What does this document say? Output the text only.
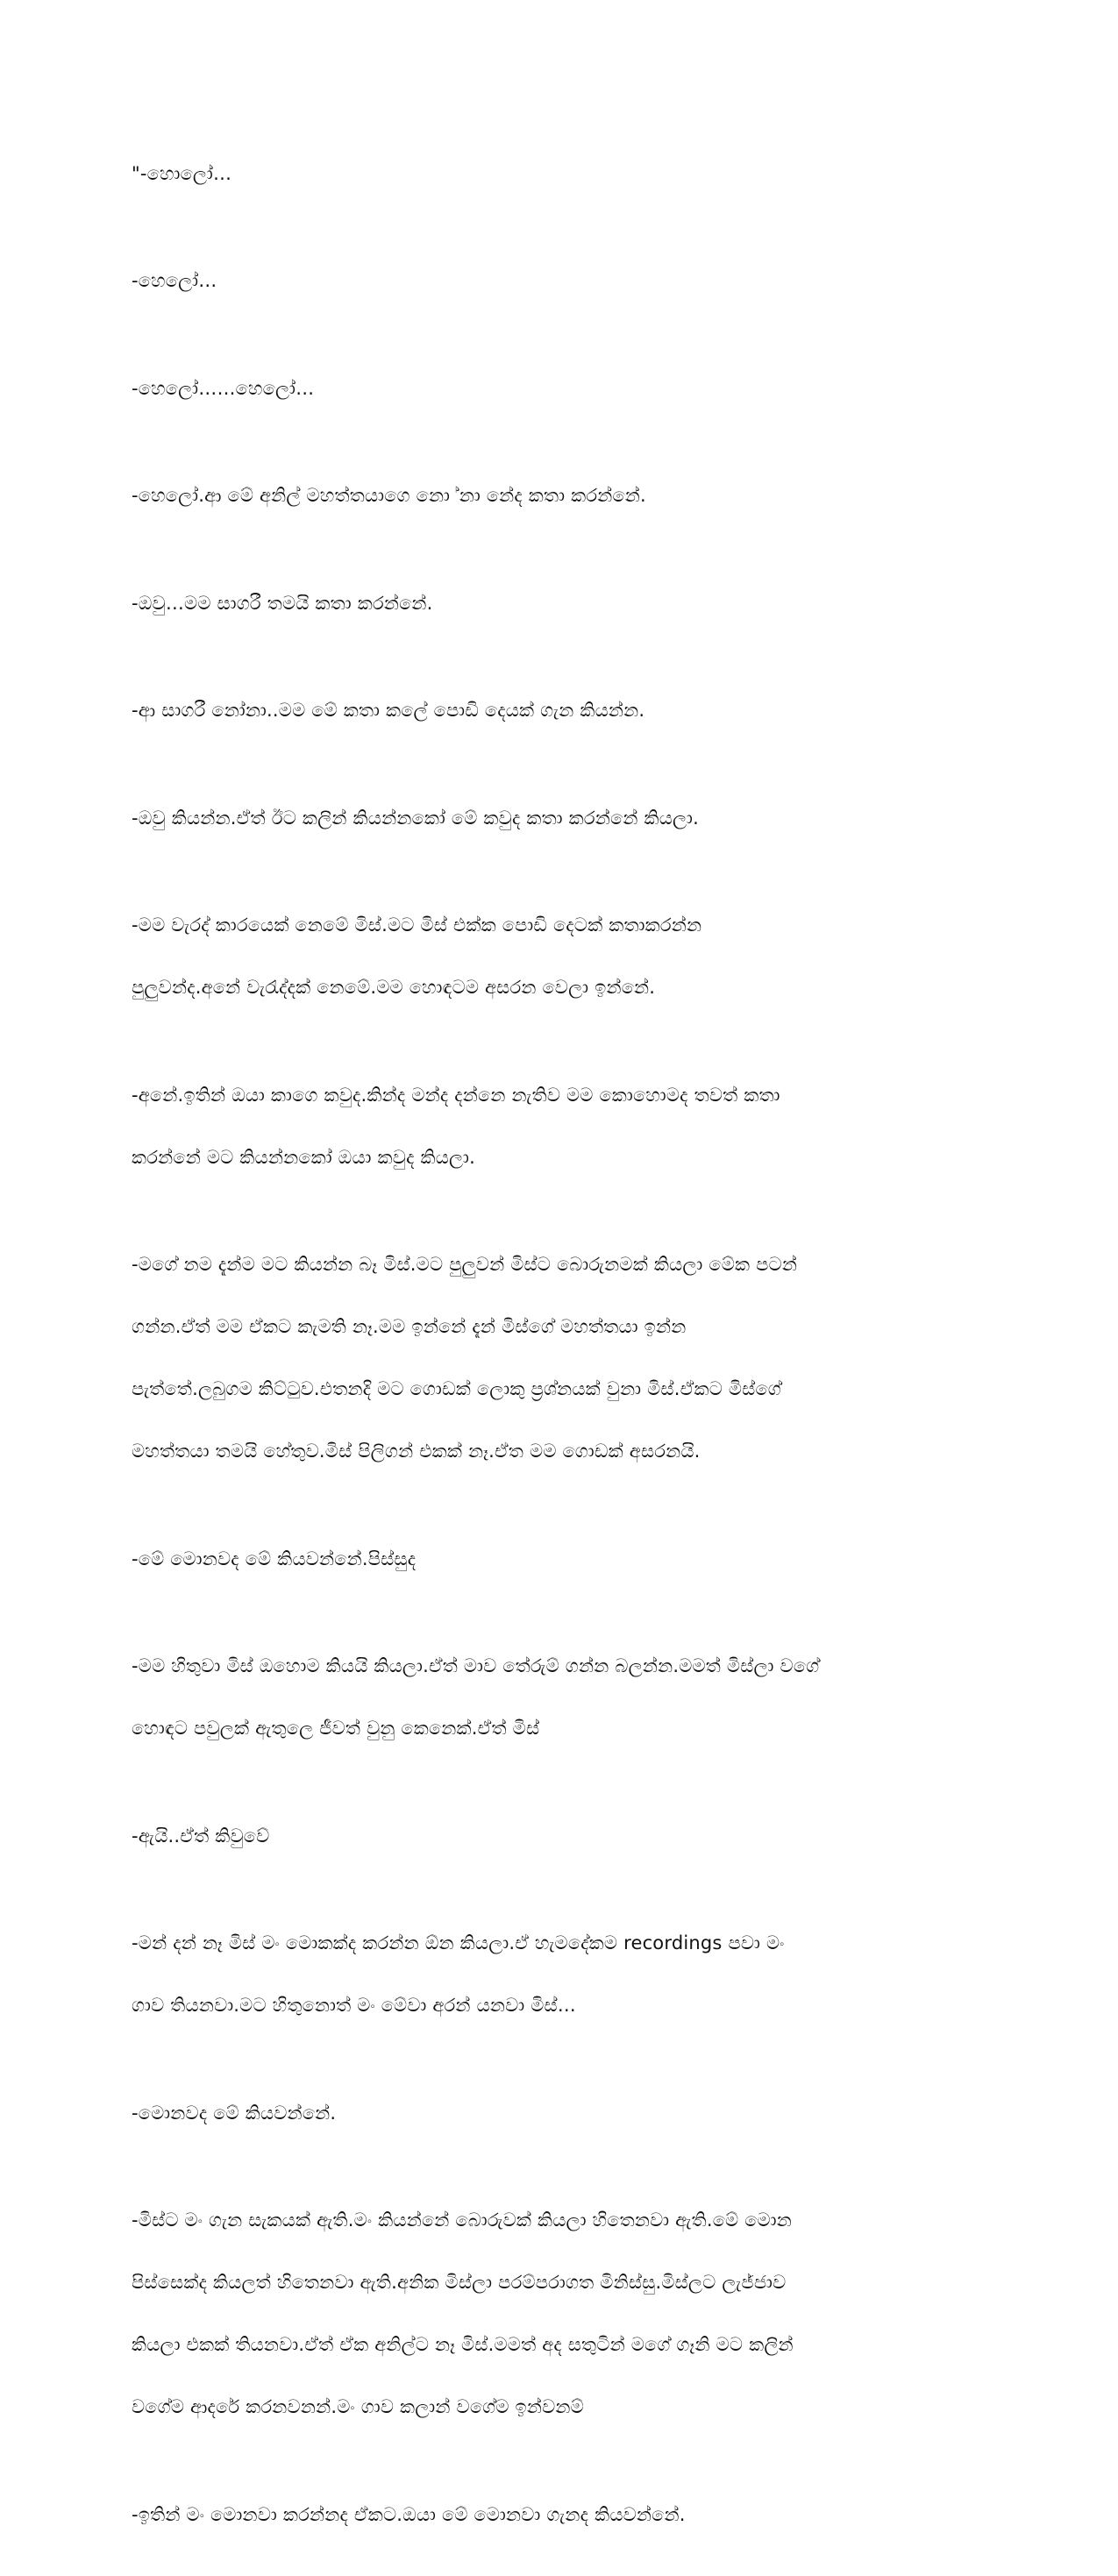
"-හොලෝ…

-හෙලෝ…

-හෙලෝ……හෙලෝ…

-හෙලෝ.ආ මේ අනිල් මහත්තයාගෙ නො ්නා නේද කතා කරන්නේ.

-ඔවු…මම සාගරී තමයි කතා කරන්නේ.

-ආ සාගරී නෝනා..මම මේ කතා කලේ පොඩි දෙයක් ගැන කියන්න.

-ඔවු කියන්න.ඒත් ඊට කලින් කියන්නකෝ මේ කවුද කතා කරන්නේ කියලා.

-මම වැරද් කාරයෙක් නෙමේ මිස්.මට මිස් එක්ක පොඩි දෙටක් කතාකරන්න

පුලුවන්ද.අනේ වැරැද්දක් නෙමේ.මම හොඳටම අසරන වෙලා ඉන්නේ.

-අනේ.ඉතින් ඔයා කාගෙ කවුද.කින්ද මන්ද දන්නෙ නැතිව මම කොහොමද තවත් කතා

කරන්නේ මට කියන්නකෝ ඔයා කවුද කියලා.

-මගේ නම දැන්ම මට කියන්න බෑ මිස්.මට පුලුවන් මිස්ට බොරුනමක් කියලා මේක පටන්

ගන්න.ඒත් මම ඒකට කැමති නෑ.මම ඉන්නේ දැන් මිස්ගේ මහත්තයා ඉන්න

පැත්තේ.ලබුගම කිට්ටුව.එතනදි මට ගොඩක් ලොකු ප්‍රශ්නයක් වුනා මිස්.ඒකට මිස්ගේ

මහත්තයා තමයි හේතුව.මිස් පිලිගන් එකක් නෑ.ඒත මම ගොඩක් අසරනයි.

-මේ මොනවද මේ කියවන්නේ.පිස්සුද

-මම හිතුවා මිස් ඔහොම කියයි කියලා.ඒත් මාව තේරුම් ගන්න බලන්න.මමත් මිස්ලා වගේ

හොඳට පවුලක් ඇතුලෙ ජීවත් වුනු කෙනෙක්.ඒත් මිස්

-ඇයි..ඒත් කිවුවේ

-මන් දන් නෑ මිස් මං මොකක්ද කරන්න ඕන කියලා.ඒ හැමදේකම recordings පවා මං

ගාව තියනවා.මට හිතුනොත් මං මේවා අරන් යනවා මිස්…

-මොනවද මේ කියවන්නේ.

-මිස්ට මං ගැන සැකයක් ඇති.මං කියන්නේ බොරුවක් කියලා හිතෙනවා ඇති.මේ මොන

පිස්සෙක්ද කියලත් හිතෙනවා ඇති.අනික මිස්ලා පරම්පරාගත මිනිස්සු.මිස්ලට ලැජ්ජාව

කියලා එකක් තියනවා.ඒත් ඒක අනිල්ට නෑ මිස්.මමත් අද සතුටින් මගේ ගෑනි මට කලින්

වගේම ආදරේ කරනවනන්.මං ගාව කලාන් වගේම ඉන්වනම්

-ඉතින් මං මොනවා කරන්නද ඒකට.ඔයා මේ මොනවා ගැනද කියවන්නේ.
